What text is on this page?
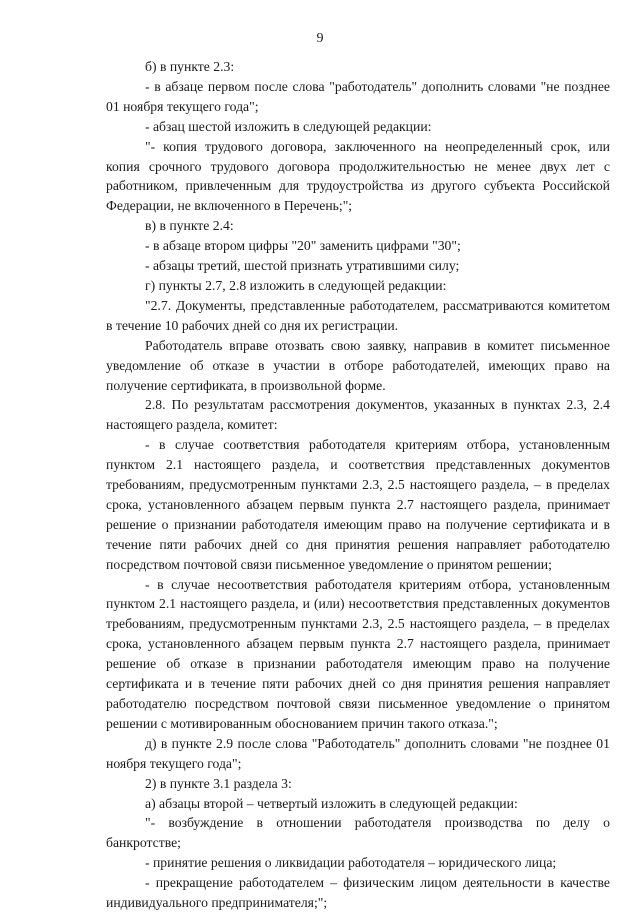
9

б) в пункте 2.3:

- в абзаце первом после слова "работодатель" дополнить словами "не позднее 01 ноября текущего года";

- абзац шестой изложить в следующей редакции:

"- копия трудового договора, заключенного на неопределенный срок, или копия срочного трудового договора продолжительностью не менее двух лет с работником, привлеченным для трудоустройства из другого субъекта Российской Федерации, не включенного в Перечень;";

в) в пункте 2.4:

- в абзаце втором цифры "20" заменить цифрами "30";

- абзацы третий, шестой признать утратившими силу;

г) пункты 2.7, 2.8 изложить в следующей редакции:

"2.7. Документы, представленные работодателем, рассматриваются комитетом в течение 10 рабочих дней со дня их регистрации.

Работодатель вправе отозвать свою заявку, направив в комитет письменное уведомление об отказе в участии в отборе работодателей, имеющих право на получение сертификата, в произвольной форме.

2.8. По результатам рассмотрения документов, указанных в пунктах 2.3, 2.4 настоящего раздела, комитет:

- в случае соответствия работодателя критериям отбора, установленным пунктом 2.1 настоящего раздела, и соответствия представленных документов требованиям, предусмотренным пунктами 2.3, 2.5 настоящего раздела, – в пределах срока, установленного абзацем первым пункта 2.7 настоящего раздела, принимает решение о признании работодателя имеющим право на получение сертификата и в течение пяти рабочих дней со дня принятия решения направляет работодателю посредством почтовой связи письменное уведомление о принятом решении;

- в случае несоответствия работодателя критериям отбора, установленным пунктом 2.1 настоящего раздела, и (или) несоответствия представленных документов требованиям, предусмотренным пунктами 2.3, 2.5 настоящего раздела, – в пределах срока, установленного абзацем первым пункта 2.7 настоящего раздела, принимает решение об отказе в признании работодателя имеющим право на получение сертификата и в течение пяти рабочих дней со дня принятия решения направляет работодателю посредством почтовой связи письменное уведомление о принятом решении с мотивированным обоснованием причин такого отказа.";

д) в пункте 2.9 после слова "Работодатель" дополнить словами "не позднее 01 ноября текущего года";

2) в пункте 3.1 раздела 3:

а) абзацы второй – четвертый изложить в следующей редакции:

"- возбуждение в отношении работодателя производства по делу о банкротстве;

- принятие решения о ликвидации работодателя – юридического лица;

- прекращение работодателем – физическим лицом деятельности в качестве индивидуального предпринимателя;";
